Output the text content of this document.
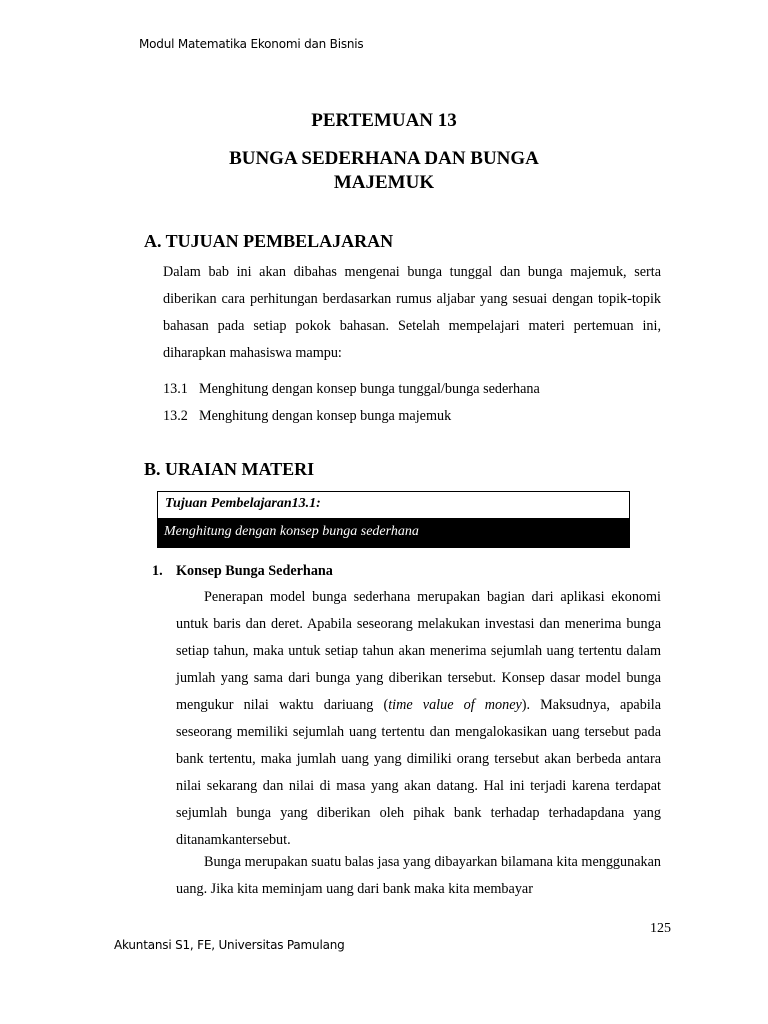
Modul Matematika Ekonomi dan Bisnis
PERTEMUAN 13
BUNGA SEDERHANA DAN BUNGA
MAJEMUK
A. TUJUAN PEMBELAJARAN

Dalam bab ini akan dibahas mengenai bunga tunggal dan bunga majemuk, serta diberikan cara perhitungan berdasarkan rumus aljabar yang sesuai dengan topik-topik bahasan pada setiap pokok bahasan. Setelah mempelajari materi pertemuan ini, diharapkan mahasiswa mampu:

13.1 Menghitung dengan konsep bunga tunggal/bunga sederhana
13.2 Menghitung dengan konsep bunga majemuk
B. URAIAN MATERI
Tujuan Pembelajaran13.1:
Menghitung dengan konsep bunga sederhana
1. Konsep Bunga Sederhana

Penerapan model bunga sederhana merupakan bagian dari aplikasi ekonomi untuk baris dan deret. Apabila seseorang melakukan investasi dan menerima bunga setiap tahun, maka untuk setiap tahun akan menerima sejumlah uang tertentu dalam jumlah yang sama dari bunga yang diberikan tersebut. Konsep dasar model bunga mengukur nilai waktu dariuang (time value of money). Maksudnya, apabila seseorang memiliki sejumlah uang tertentu dan mengalokasikan uang tersebut pada bank tertentu, maka jumlah uang yang dimiliki orang tersebut akan berbeda antara nilai sekarang dan nilai di masa yang akan datang. Hal ini terjadi karena terdapat sejumlah bunga yang diberikan oleh pihak bank terhadap terhadapdana yang ditanamkantersebut.

Bunga merupakan suatu balas jasa yang dibayarkan bilamana kita menggunakan uang. Jika kita meminjam uang dari bank maka kita membayar

125
Akuntansi S1, FE, Universitas Pamulang
